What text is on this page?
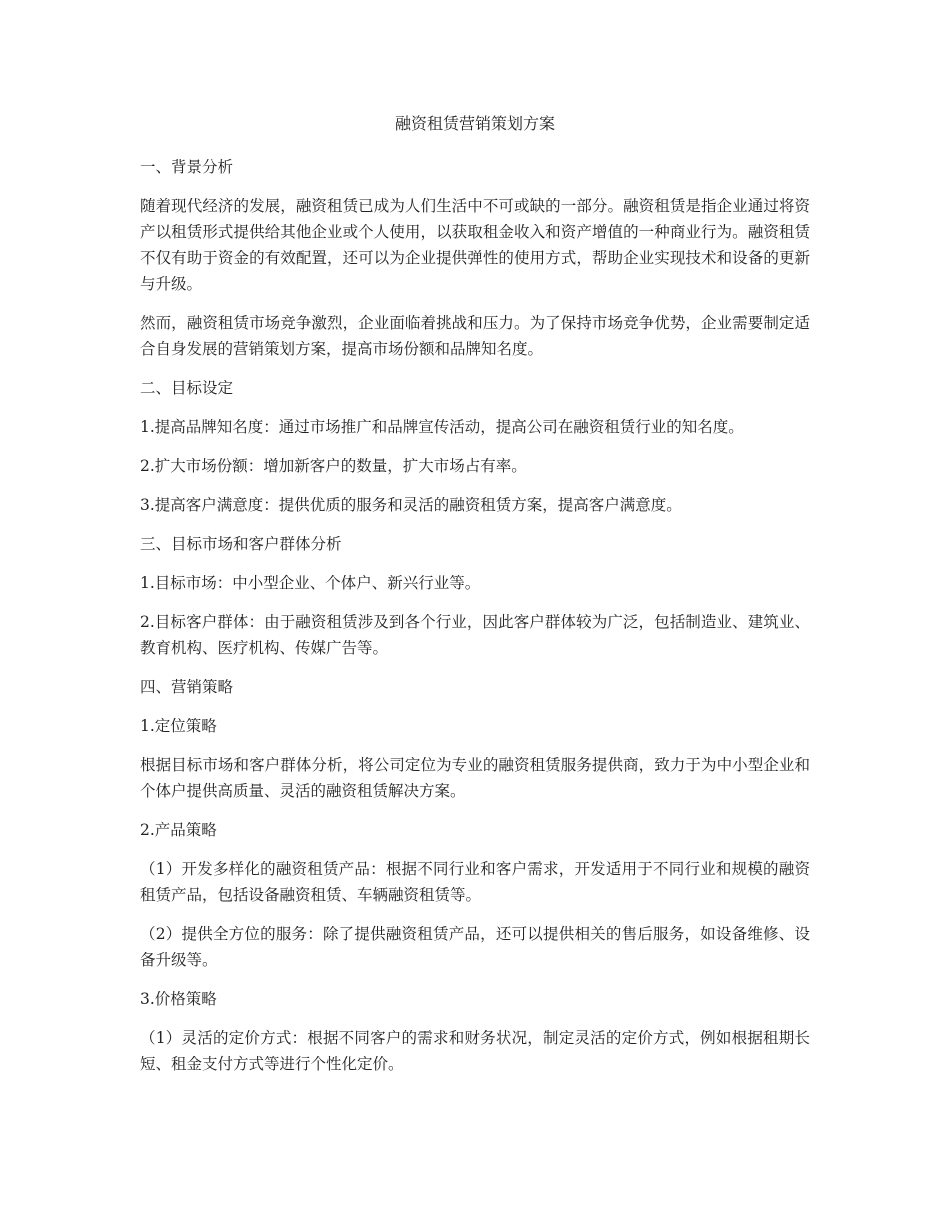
融资租赁营销策划方案
一、背景分析
随着现代经济的发展，融资租赁已成为人们生活中不可或缺的一部分。融资租赁是指企业通过将资产以租赁形式提供给其他企业或个人使用，以获取租金收入和资产增值的一种商业行为。融资租赁不仅有助于资金的有效配置，还可以为企业提供弹性的使用方式，帮助企业实现技术和设备的更新与升级。
然而，融资租赁市场竞争激烈，企业面临着挑战和压力。为了保持市场竞争优势，企业需要制定适合自身发展的营销策划方案，提高市场份额和品牌知名度。
二、目标设定
1.提高品牌知名度：通过市场推广和品牌宣传活动，提高公司在融资租赁行业的知名度。
2.扩大市场份额：增加新客户的数量，扩大市场占有率。
3.提高客户满意度：提供优质的服务和灵活的融资租赁方案，提高客户满意度。
三、目标市场和客户群体分析
1.目标市场：中小型企业、个体户、新兴行业等。
2.目标客户群体：由于融资租赁涉及到各个行业，因此客户群体较为广泛，包括制造业、建筑业、教育机构、医疗机构、传媒广告等。
四、营销策略
1.定位策略
根据目标市场和客户群体分析，将公司定位为专业的融资租赁服务提供商，致力于为中小型企业和个体户提供高质量、灵活的融资租赁解决方案。
2.产品策略
（1）开发多样化的融资租赁产品：根据不同行业和客户需求，开发适用于不同行业和规模的融资租赁产品，包括设备融资租赁、车辆融资租赁等。
（2）提供全方位的服务：除了提供融资租赁产品，还可以提供相关的售后服务，如设备维修、设备升级等。
3.价格策略
（1）灵活的定价方式：根据不同客户的需求和财务状况，制定灵活的定价方式，例如根据租期长短、租金支付方式等进行个性化定价。
